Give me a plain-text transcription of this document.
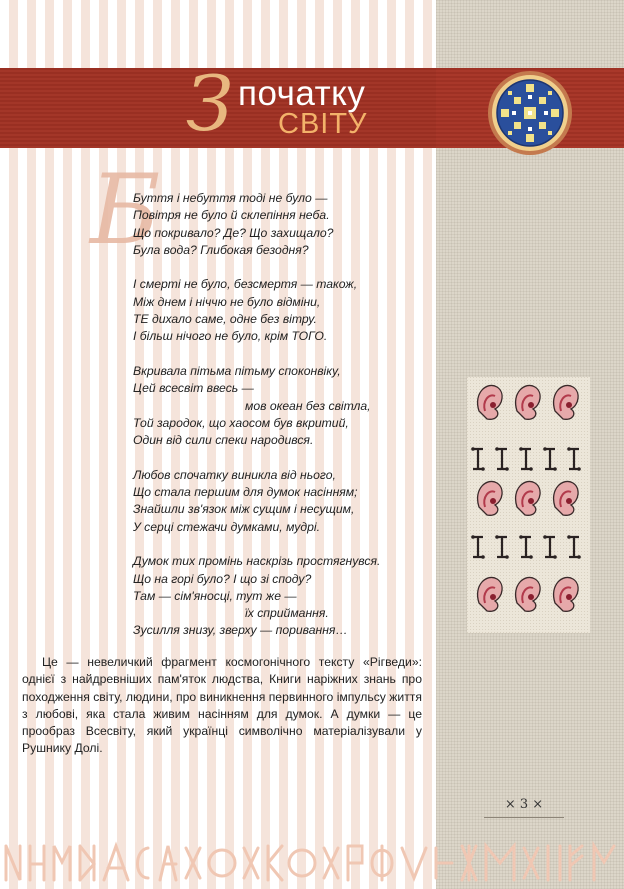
З початку
СВІТУ
Б

Буття і небуття тоді не було —

Повітря не було й склепіння неба.

Що покривало? Де? Що захищало?

Була вода? Глибокая безодня?

І смерті не було, безсмертя — також,

Між днем і ніччю не було відміни,

ТЕ дихало саме, одне без вітру.

І більш нічого не було, крім ТОГО.

Вкривала пітьма пітьму споконвіку,

Цей всесвіт ввесь —

мов океан без світла,

Той зародок, що хаосом був вкритий,

Один від сили спеки народився.

Любов спочатку виникла від нього,

Що стала першим для думок насінням;

Знайшли зв'язок між сущим і несущим,

У серці стежачи думками, мудрі.

Думок тих промінь наскрізь простягнувся.

Що на горі було? І що зі споду?

Там — сім'яносці, тут же —

їх сприймання.

Зусилля знизу, зверху — поривання…

Це — невеличкий фрагмент космогонічного тексту «Рігведи»: однієї з найдревніших пам'яток людства, Книги наріжних знань про походження світу, людини, про виникнення первинного імпульсу життя з любові, яка стала живим насінням для думок. А думки — це прообраз Всесвіту, який українці символічно матеріалізували у Рушнику Долі.

× 3 ×
